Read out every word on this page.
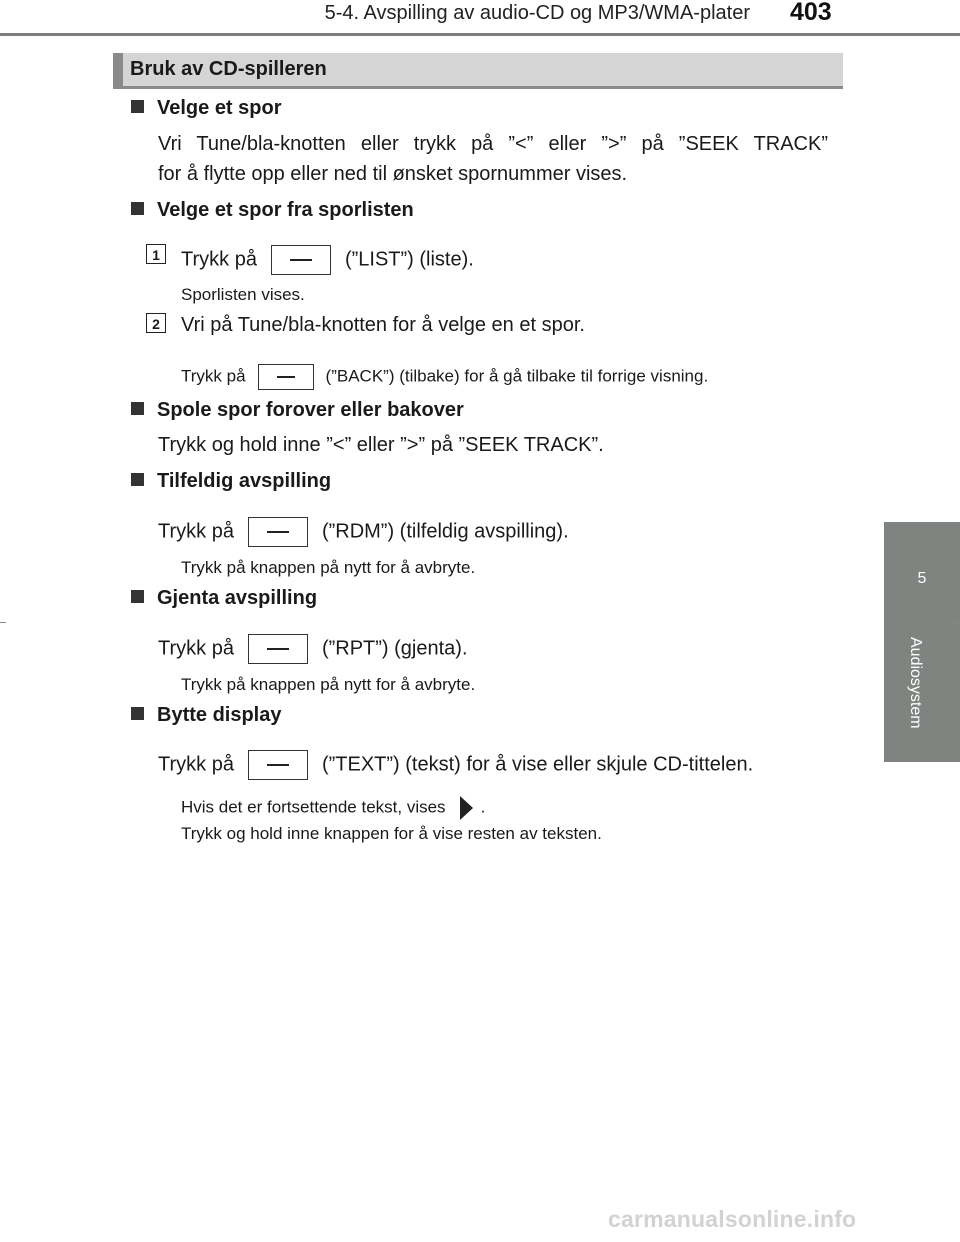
5-4. Avspilling av audio-CD og MP3/WMA-plater 403
5
Audiosystem
Bruk av CD-spilleren
Velge et spor
Vri Tune/bla-knotten eller trykk på ”<” eller ”>” på ”SEEK TRACK”
for å flytte opp eller ned til ønsket spornummer vises.
Velge et spor fra sporlisten
1	Trykk på	(”LIST”) (liste).
Sporlisten vises.
2	Vri på Tune/bla-knotten for å velge en et spor.
Trykk på	(”BACK”) (tilbake) for å gå tilbake til forrige visning.
Spole spor forover eller bakover
Trykk og hold inne ”<” eller ”>” på ”SEEK TRACK”.
Tilfeldig avspilling
Trykk på	(”RDM”) (tilfeldig avspilling).
Trykk på knappen på nytt for å avbryte.
Gjenta avspilling
Trykk på	(”RPT”) (gjenta).
Trykk på knappen på nytt for å avbryte.
Bytte display
Trykk på	(”TEXT”) (tekst) for å vise eller skjule CD-tittelen.
Hvis det er fortsettende tekst, vises .
Trykk og hold inne knappen for å vise resten av teksten.
carmanualsonline.info
